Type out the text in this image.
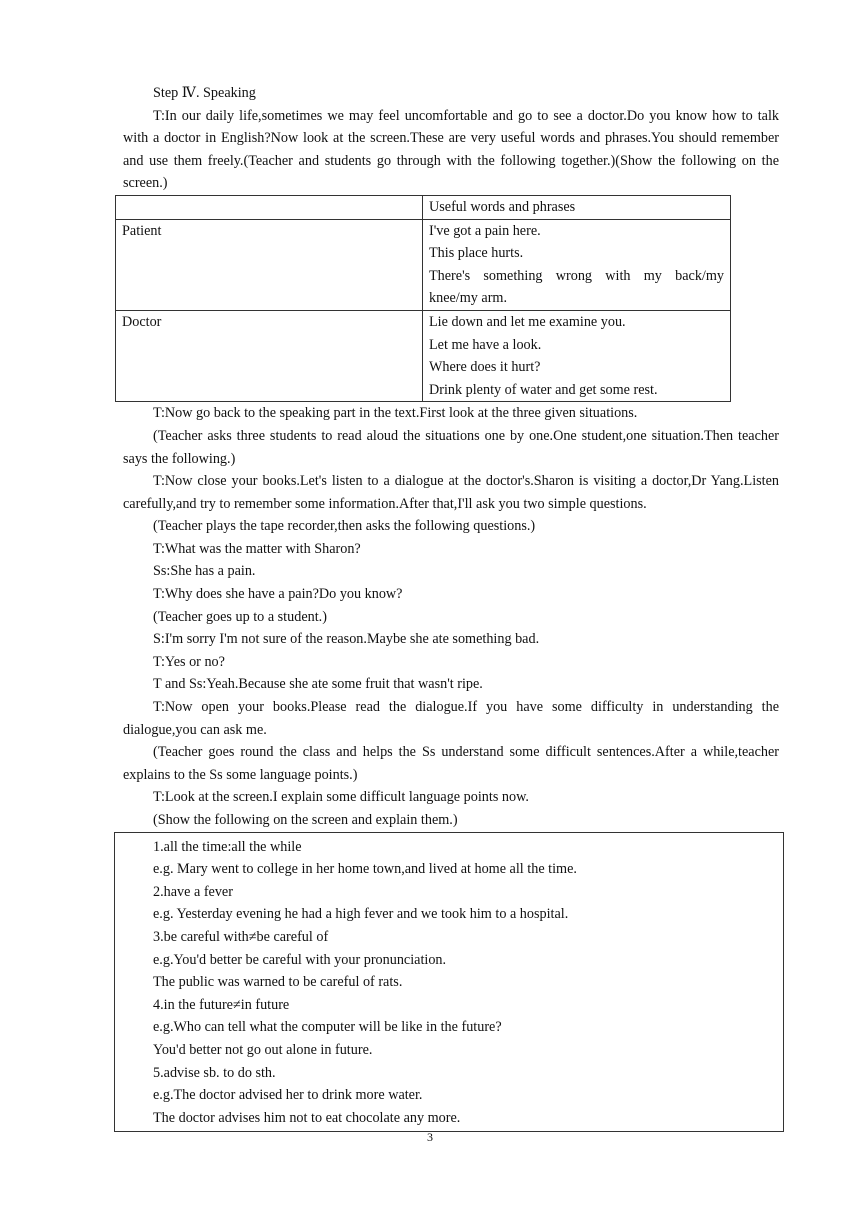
Step Ⅳ. Speaking

T:In our daily life,sometimes we may feel uncomfortable and go to see a doctor.Do you know how to talk with a doctor in English?Now look at the screen.These are very useful words and phrases.You should remember and use them freely.(Teacher and students go through with the following together.)(Show the following on the screen.)

	Useful words and phrases
Patient	I've got a pain here.
This place hurts.
There's something wrong with my back/my knee/my arm.

Doctor	Lie down and let me examine you.
Let me have a look.
Where does it hurt?
Drink plenty of water and get some rest.

T:Now go back to the speaking part in the text.First look at the three given situations.

(Teacher asks three students to read aloud the situations one by one.One student,one situation.Then teacher says the following.)

T:Now close your books.Let's listen to a dialogue at the doctor's.Sharon is visiting a doctor,Dr Yang.Listen carefully,and try to remember some information.After that,I'll ask you two simple questions.

(Teacher plays the tape recorder,then asks the following questions.)

T:What was the matter with Sharon?

Ss:She has a pain.

T:Why does she have a pain?Do you know?

(Teacher goes up to a student.)

S:I'm sorry I'm not sure of the reason.Maybe she ate something bad.

T:Yes or no?

T and Ss:Yeah.Because she ate some fruit that wasn't ripe.

T:Now open your books.Please read the dialogue.If you have some difficulty in understanding the dialogue,you can ask me.

(Teacher goes round the class and helps the Ss understand some difficult sentences.After a while,teacher explains to the Ss some language points.)

T:Look at the screen.I explain some difficult language points now.

(Show the following on the screen and explain them.)

1.all the time:all the while

e.g. Mary went to college in her home town,and lived at home all the time.

2.have a fever

e.g. Yesterday evening he had a high fever and we took him to a hospital.

3.be careful with≠be careful of

e.g.You'd better be careful with your pronunciation.

The public was warned to be careful of rats.

4.in the future≠in future

e.g.Who can tell what the computer will be like in the future?

You'd better not go out alone in future.

5.advise sb. to do sth.

e.g.The doctor advised her to drink more water.

The doctor advises him not to eat chocolate any more.

3
